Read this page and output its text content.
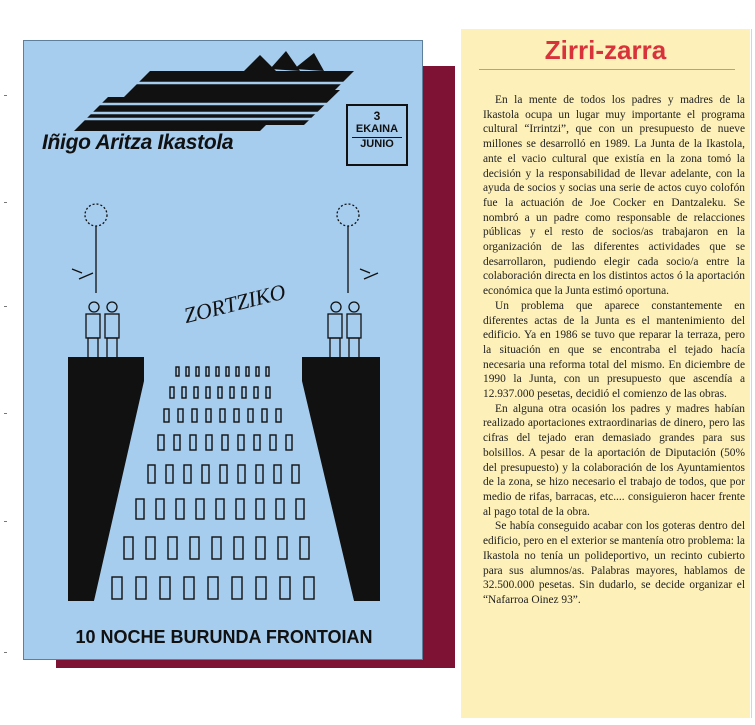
Iñigo Aritza Ikastola
3
EKAINA
JUNIO
ZORTZIKO
10 NOCHE BURUNDA FRONTOIAN
Zirri-zarra

En la mente de todos los padres y madres de la Ikastola ocupa un lugar muy importante el programa cultural “Irrintzi”, que con un presupuesto de nueve millones se desarrolló en 1989. La Junta de la Ikastola, ante el vacio cultural que existía en la zona tomó la decisión y la responsabilidad de llevar adelante, con la ayuda de socios y socias una serie de actos cuyo colofón fue la actuación de Joe Cocker en Dantzaleku. Se nombró a un padre como responsable de relacciones públicas y el resto de socios/as trabajaron en la organización de las diferentes actividades que se desarrollaron, pudiendo elegir cada socio/a entre la colaboración directa en los distintos actos ó la aportación económica que la Junta estimó oportuna.

Un problema que aparece constantemente en diferentes actas de la Junta es el mantenimiento del edificio. Ya en 1986 se tuvo que reparar la terraza, pero la situación en que se encontraba el tejado hacía necesaria una reforma total del mismo. En diciembre de 1990 la Junta, con un presupuesto que ascendía a 12.937.000 pesetas, decidió el comienzo de las obras.

En alguna otra ocasión los padres y madres habían realizado aportaciones extraordinarias de dinero, pero las cifras del tejado eran demasiado grandes para sus bolsillos. A pesar de la aportación de Diputación (50% del presupuesto) y la colaboración de los Ayuntamientos de la zona, se hizo necesario el trabajo de todos, que por medio de rifas, barracas, etc.... consiguieron hacer frente al pago total de la obra.

Se había conseguido acabar con los goteras dentro del edificio, pero en el exterior se mantenía otro problema: la Ikastola no tenía un polideportivo, un recinto cubierto para sus alumnos/as. Palabras mayores, hablamos de 32.500.000 pesetas. Sin dudarlo, se decide organizar el “Nafarroa Oinez 93”.
